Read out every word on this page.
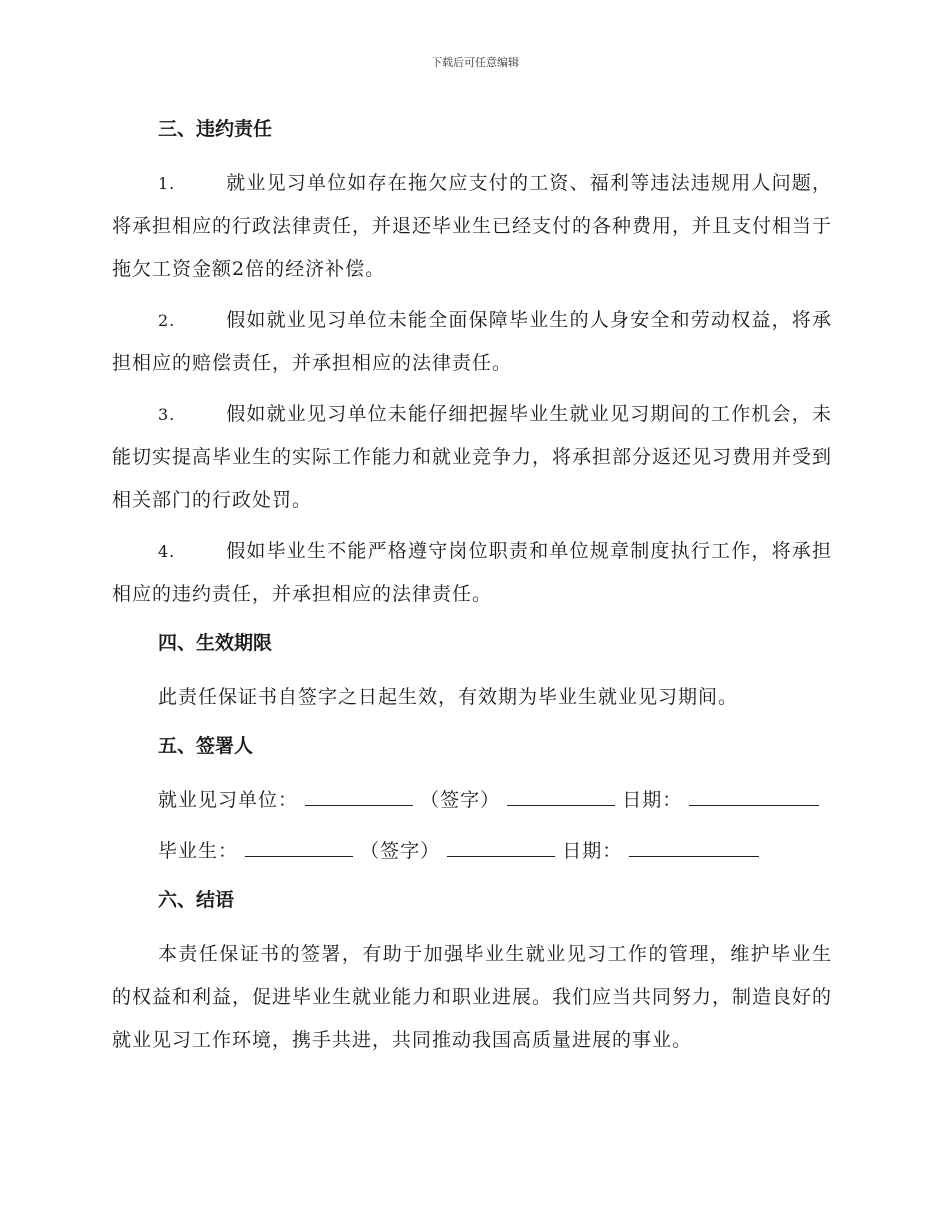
下载后可任意编辑
三、违约责任

1.	就业见习单位如存在拖欠应支付的工资、福利等违法违规用人问题，将承担相应的行政法律责任，并退还毕业生已经支付的各种费用，并且支付相当于拖欠工资金额2倍的经济补偿。

2.	假如就业见习单位未能全面保障毕业生的人身安全和劳动权益，将承担相应的赔偿责任，并承担相应的法律责任。

3.	假如就业见习单位未能仔细把握毕业生就业见习期间的工作机会，未能切实提高毕业生的实际工作能力和就业竞争力，将承担部分返还见习费用并受到相关部门的行政处罚。

4.	假如毕业生不能严格遵守岗位职责和单位规章制度执行工作，将承担相应的违约责任，并承担相应的法律责任。

四、生效期限

此责任保证书自签字之日起生效，有效期为毕业生就业见习期间。

五、签署人
就业见习单位：	（签字）	日期：
毕业生：	（签字）	日期：
六、结语

本责任保证书的签署，有助于加强毕业生就业见习工作的管理，维护毕业生的权益和利益，促进毕业生就业能力和职业进展。我们应当共同努力，制造良好的就业见习工作环境，携手共进，共同推动我国高质量进展的事业。
